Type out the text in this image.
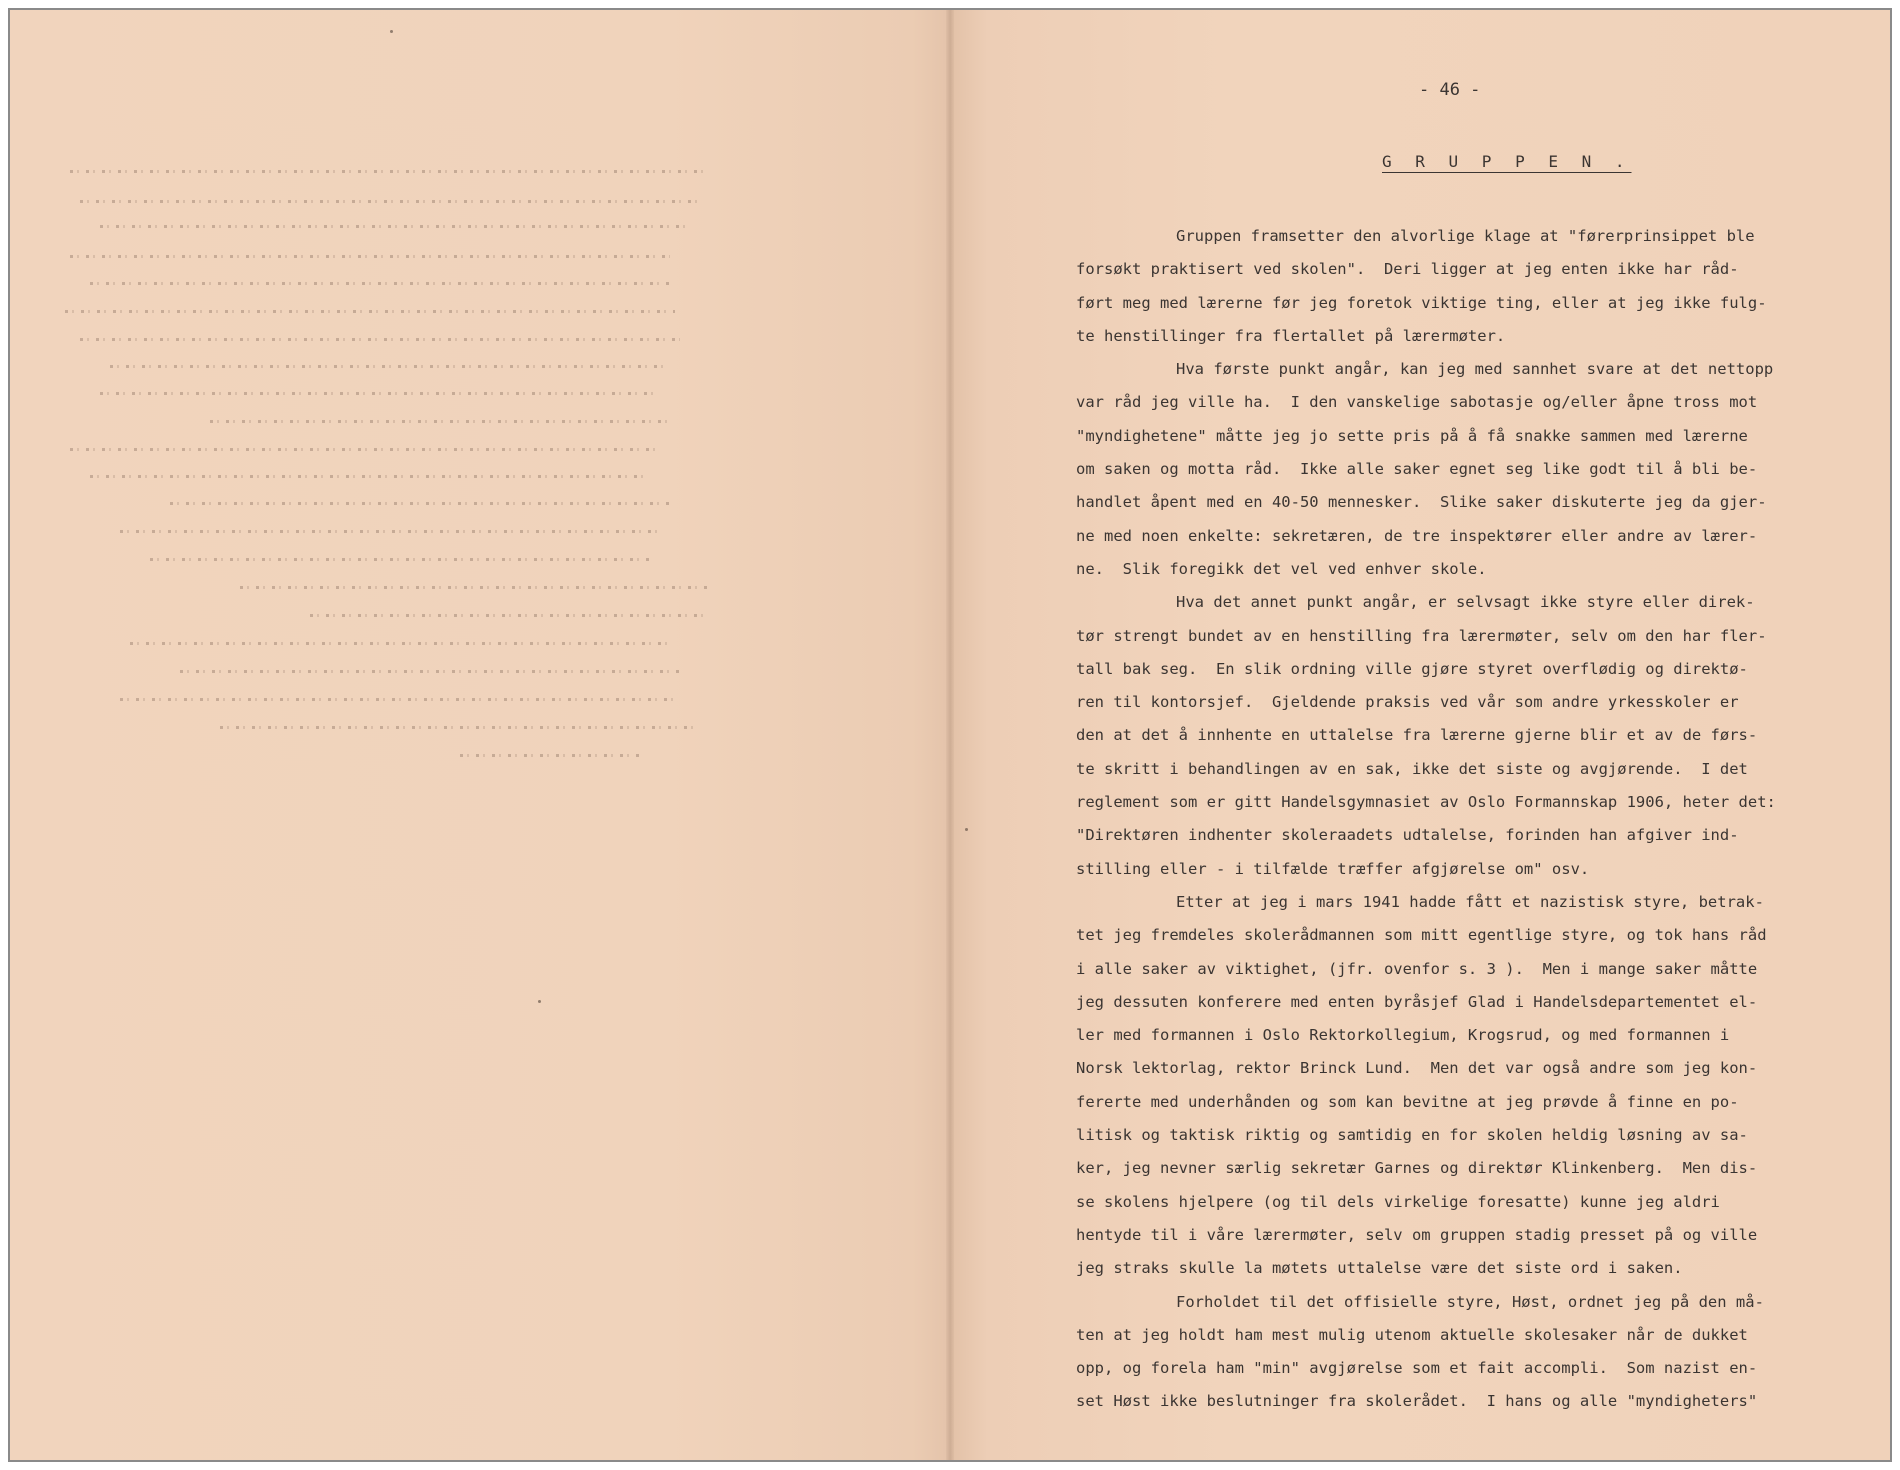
- 46 -
G R U P P E N .
Gruppen framsetter den alvorlige klage at "førerprinsippet ble
forsøkt praktisert ved skolen".  Deri ligger at jeg enten ikke har råd-
ført meg med lærerne før jeg foretok viktige ting, eller at jeg ikke fulg-
te henstillinger fra flertallet på lærermøter.
Hva første punkt angår, kan jeg med sannhet svare at det nettopp
var råd jeg ville ha.  I den vanskelige sabotasje og/eller åpne tross mot
"myndighetene" måtte jeg jo sette pris på å få snakke sammen med lærerne
om saken og motta råd.  Ikke alle saker egnet seg like godt til å bli be-
handlet åpent med en 40-50 mennesker.  Slike saker diskuterte jeg da gjer-
ne med noen enkelte: sekretæren, de tre inspektører eller andre av lærer-
ne.  Slik foregikk det vel ved enhver skole.
Hva det annet punkt angår, er selvsagt ikke styre eller direk-
tør strengt bundet av en henstilling fra lærermøter, selv om den har fler-
tall bak seg.  En slik ordning ville gjøre styret overflødig og direktø-
ren til kontorsjef.  Gjeldende praksis ved vår som andre yrkesskoler er
den at det å innhente en uttalelse fra lærerne gjerne blir et av de førs-
te skritt i behandlingen av en sak, ikke det siste og avgjørende.  I det
reglement som er gitt Handelsgymnasiet av Oslo Formannskap 1906, heter det:
"Direktøren indhenter skoleraadets udtalelse, forinden han afgiver ind-
stilling eller - i tilfælde træffer afgjørelse om" osv.
Etter at jeg i mars 1941 hadde fått et nazistisk styre, betrak-
tet jeg fremdeles skolerådmannen som mitt egentlige styre, og tok hans råd
i alle saker av viktighet, (jfr. ovenfor s. 3 ).  Men i mange saker måtte
jeg dessuten konferere med enten byråsjef Glad i Handelsdepartementet el-
ler med formannen i Oslo Rektorkollegium, Krogsrud, og med formannen i
Norsk lektorlag, rektor Brinck Lund.  Men det var også andre som jeg kon-
fererte med underhånden og som kan bevitne at jeg prøvde å finne en po-
litisk og taktisk riktig og samtidig en for skolen heldig løsning av sa-
ker, jeg nevner særlig sekretær Garnes og direktør Klinkenberg.  Men dis-
se skolens hjelpere (og til dels virkelige foresatte) kunne jeg aldri
hentyde til i våre lærermøter, selv om gruppen stadig presset på og ville
jeg straks skulle la møtets uttalelse være det siste ord i saken.
Forholdet til det offisielle styre, Høst, ordnet jeg på den må-
ten at jeg holdt ham mest mulig utenom aktuelle skolesaker når de dukket
opp, og forela ham "min" avgjørelse som et fait accompli.  Som nazist en-
set Høst ikke beslutninger fra skolerådet.  I hans og alle "myndigheters"
